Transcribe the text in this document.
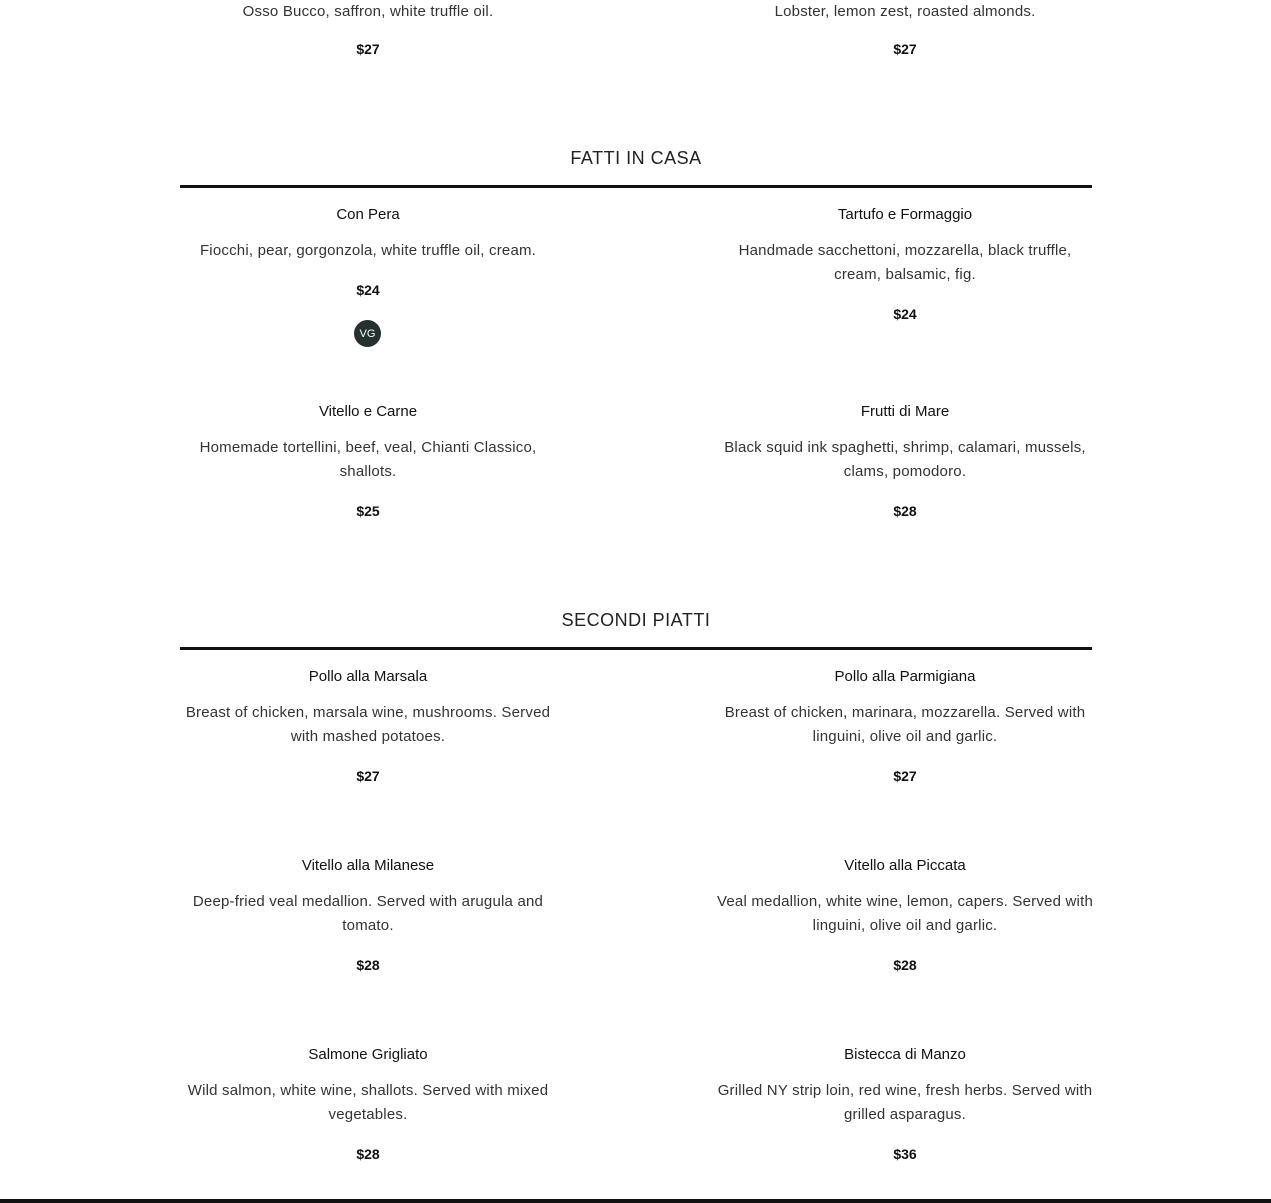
Osso Bucco, saffron, white truffle oil.
$27
Lobster, lemon zest, roasted almonds.
$27
FATTI IN CASA
Con Pera
Fiocchi, pear, gorgonzola, white truffle oil, cream.
$24
VG
Tartufo e Formaggio
Handmade sacchettoni, mozzarella, black truffle, cream, balsamic, fig.
$24
Vitello e Carne
Homemade tortellini, beef, veal, Chianti Classico, shallots.
$25
Frutti di Mare
Black squid ink spaghetti, shrimp, calamari, mussels, clams, pomodoro.
$28
SECONDI PIATTI
Pollo alla Marsala
Breast of chicken, marsala wine, mushrooms. Served with mashed potatoes.
$27
Pollo alla Parmigiana
Breast of chicken, marinara, mozzarella. Served with linguini, olive oil and garlic.
$27
Vitello alla Milanese
Deep-fried veal medallion. Served with arugula and tomato.
$28
Vitello alla Piccata
Veal medallion, white wine, lemon, capers. Served with linguini, olive oil and garlic.
$28
Salmone Grigliato
Wild salmon, white wine, shallots. Served with mixed vegetables.
$28
Bistecca di Manzo
Grilled NY strip loin, red wine, fresh herbs. Served with grilled asparagus.
$36
